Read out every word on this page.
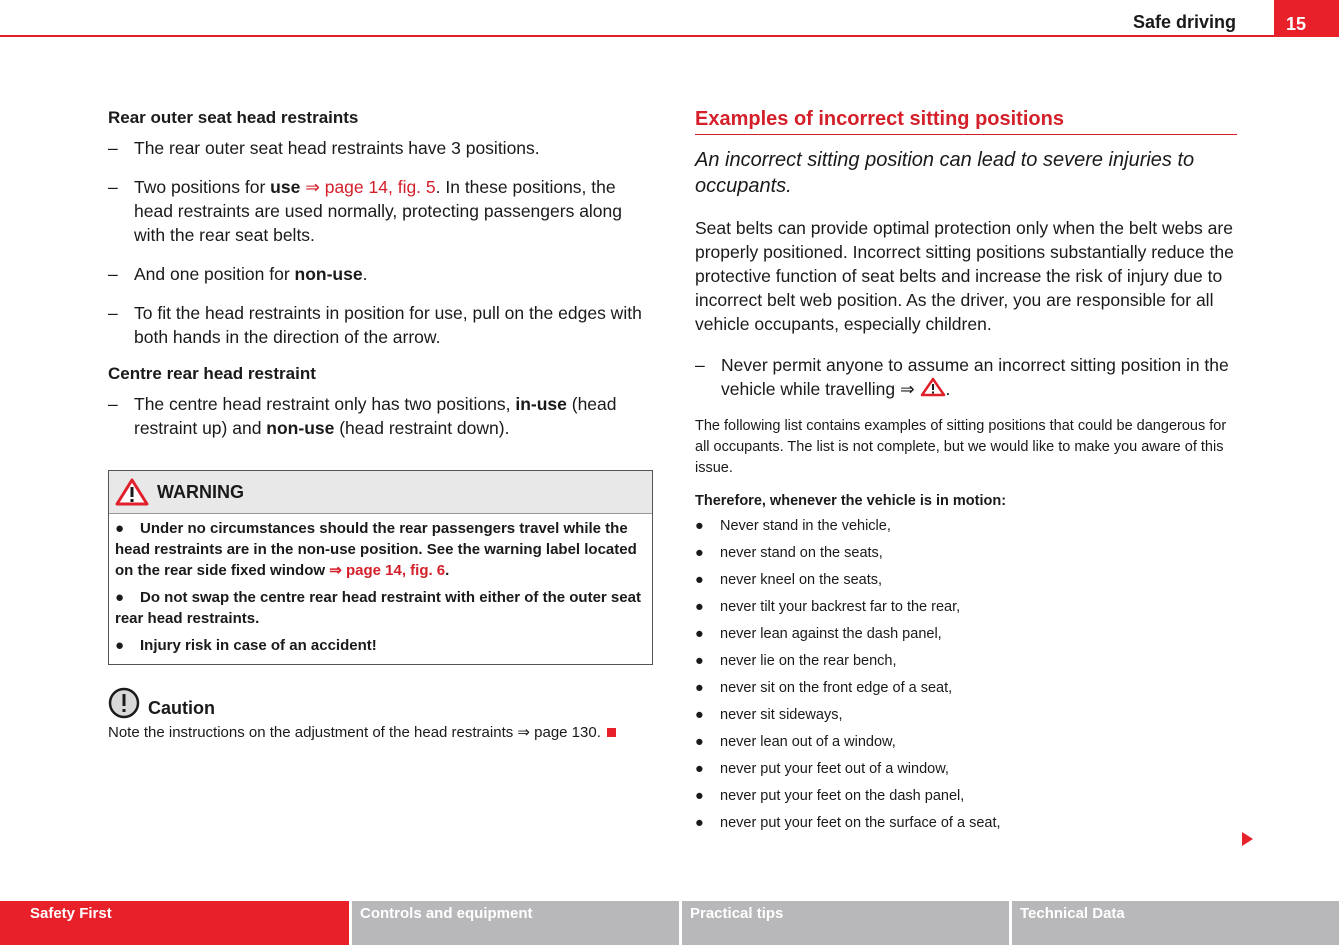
Safe driving	15
Rear outer seat head restraints
– The rear outer seat head restraints have 3 positions.
– Two positions for use ⇒ page 14, fig. 5. In these positions, the head restraints are used normally, protecting passengers along with the rear seat belts.
– And one position for non-use.
– To fit the head restraints in position for use, pull on the edges with both hands in the direction of the arrow.
Centre rear head restraint
– The centre head restraint only has two positions, in-use (head restraint up) and non-use (head restraint down).
WARNING

● Under no circumstances should the rear passengers travel while the head restraints are in the non-use position. See the warning label located on the rear side fixed window ⇒ page 14, fig. 6.

● Do not swap the centre rear head restraint with either of the outer seat rear head restraints.

● Injury risk in case of an accident!

Caution
Note the instructions on the adjustment of the head restraints ⇒ page 130.
Examples of incorrect sitting positions
An incorrect sitting position can lead to severe injuries to occupants.
Seat belts can provide optimal protection only when the belt webs are properly positioned. Incorrect sitting positions substantially reduce the protective function of seat belts and increase the risk of injury due to incorrect belt web position. As the driver, you are responsible for all vehicle occupants, especially children.
– Never permit anyone to assume an incorrect sitting position in the vehicle while travelling ⇒ .
The following list contains examples of sitting positions that could be dangerous for all occupants. The list is not complete, but we would like to make you aware of this issue.
Therefore, whenever the vehicle is in motion:
● Never stand in the vehicle,
● never stand on the seats,
● never kneel on the seats,
● never tilt your backrest far to the rear,
● never lean against the dash panel,
● never lie on the rear bench,
● never sit on the front edge of a seat,
● never sit sideways,
● never lean out of a window,
● never put your feet out of a window,
● never put your feet on the dash panel,
● never put your feet on the surface of a seat,
Safety First	Controls and equipment	Practical tips	Technical Data
